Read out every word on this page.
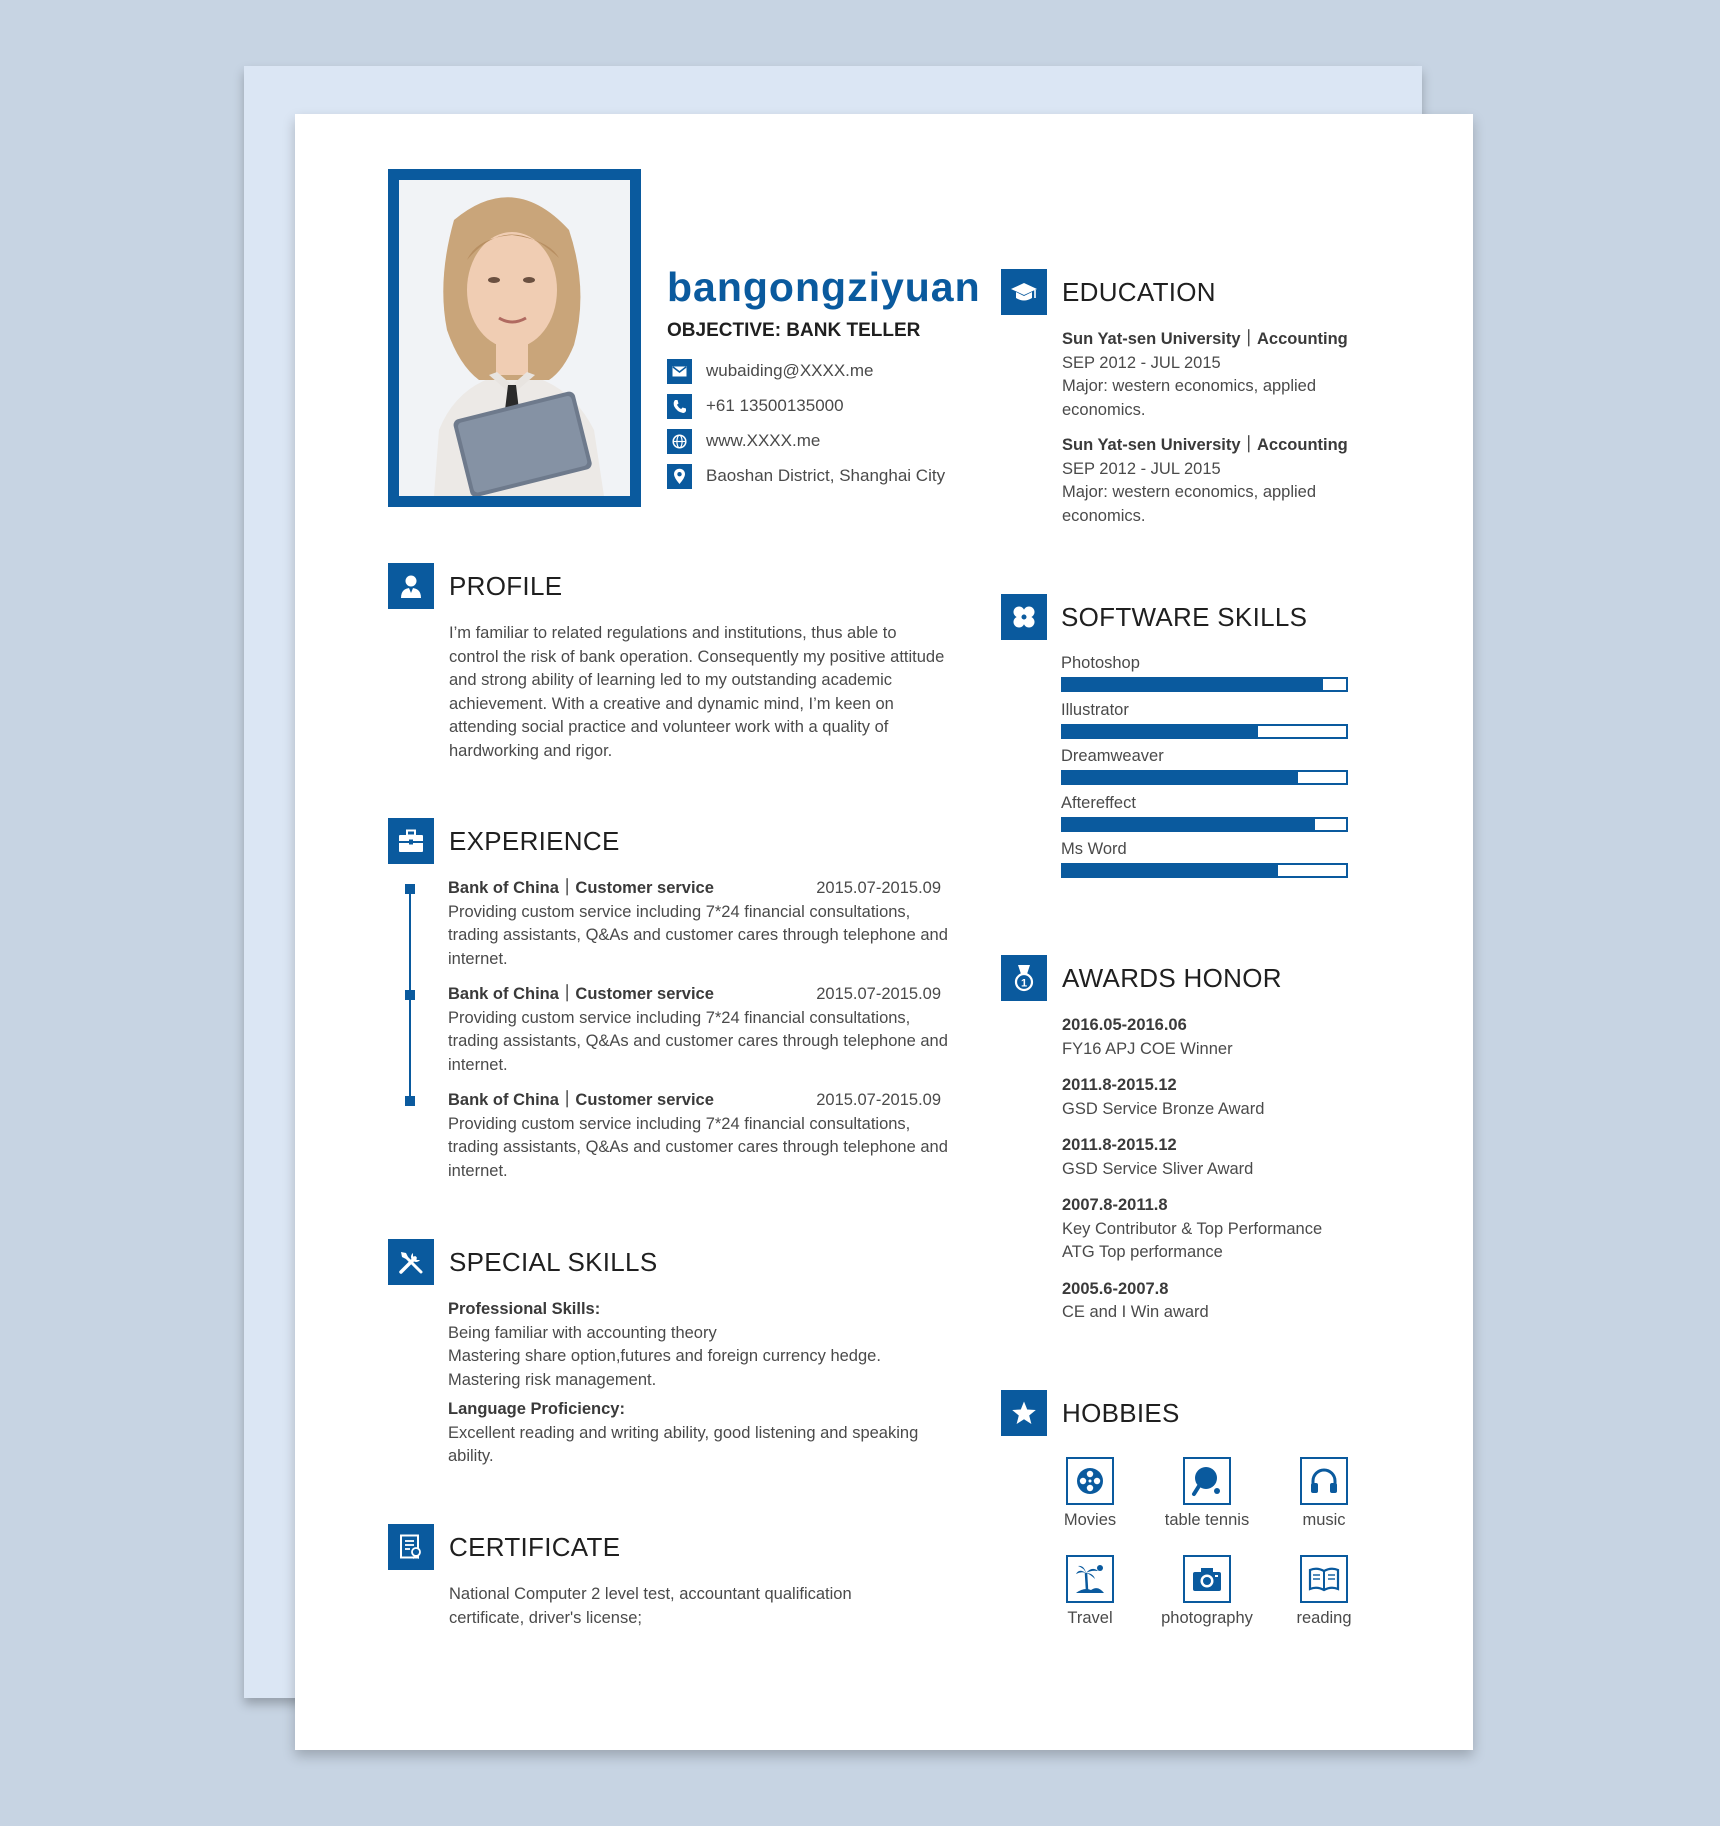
bangongziyuan
OBJECTIVE: BANK TELLER
wubaiding@XXXX.me
+61 13500135000
www.XXXX.me
Baoshan District, Shanghai City
PROFILE
I’m familiar to related regulations and institutions, thus able to control the risk of bank operation. Consequently my positive attitude and strong ability of learning led to my outstanding academic achievement. With a creative and dynamic mind, I’m keen on attending social practice and volunteer work with a quality of hardworking and rigor.
EXPERIENCE
Bank of China｜Customer service	2015.07-2015.09
Providing custom service including 7*24 financial consultations, trading assistants, Q&As and customer cares through telephone and internet.
Bank of China｜Customer service	2015.07-2015.09
Providing custom service including 7*24 financial consultations, trading assistants, Q&As and customer cares through telephone and internet.
Bank of China｜Customer service	2015.07-2015.09
Providing custom service including 7*24 financial consultations, trading assistants, Q&As and customer cares through telephone and internet.
SPECIAL SKILLS
Professional Skills:
Being familiar with accounting theory
Mastering share option,futures and foreign currency hedge.
Mastering risk management.
Language Proficiency:
Excellent reading and writing ability, good listening and speaking ability.
CERTIFICATE
National Computer 2 level test, accountant qualification certificate, driver's license;
EDUCATION
Sun Yat-sen University｜Accounting
SEP 2012 - JUL 2015
Major: western economics, applied economics.
Sun Yat-sen University｜Accounting
SEP 2012 - JUL 2015
Major: western economics, applied economics.
SOFTWARE SKILLS
Photoshop
Illustrator
Dreamweaver
Aftereffect
Ms Word
1 AWARDS HONOR
2016.05-2016.06
FY16 APJ COE Winner
2011.8-2015.12
GSD Service Bronze Award
2011.8-2015.12
GSD Service Sliver Award
2007.8-2011.8
Key Contributor & Top Performance
ATG Top performance
2005.6-2007.8
CE and I Win award
HOBBIES
Movies	table tennis	music
Travel	photography	reading
